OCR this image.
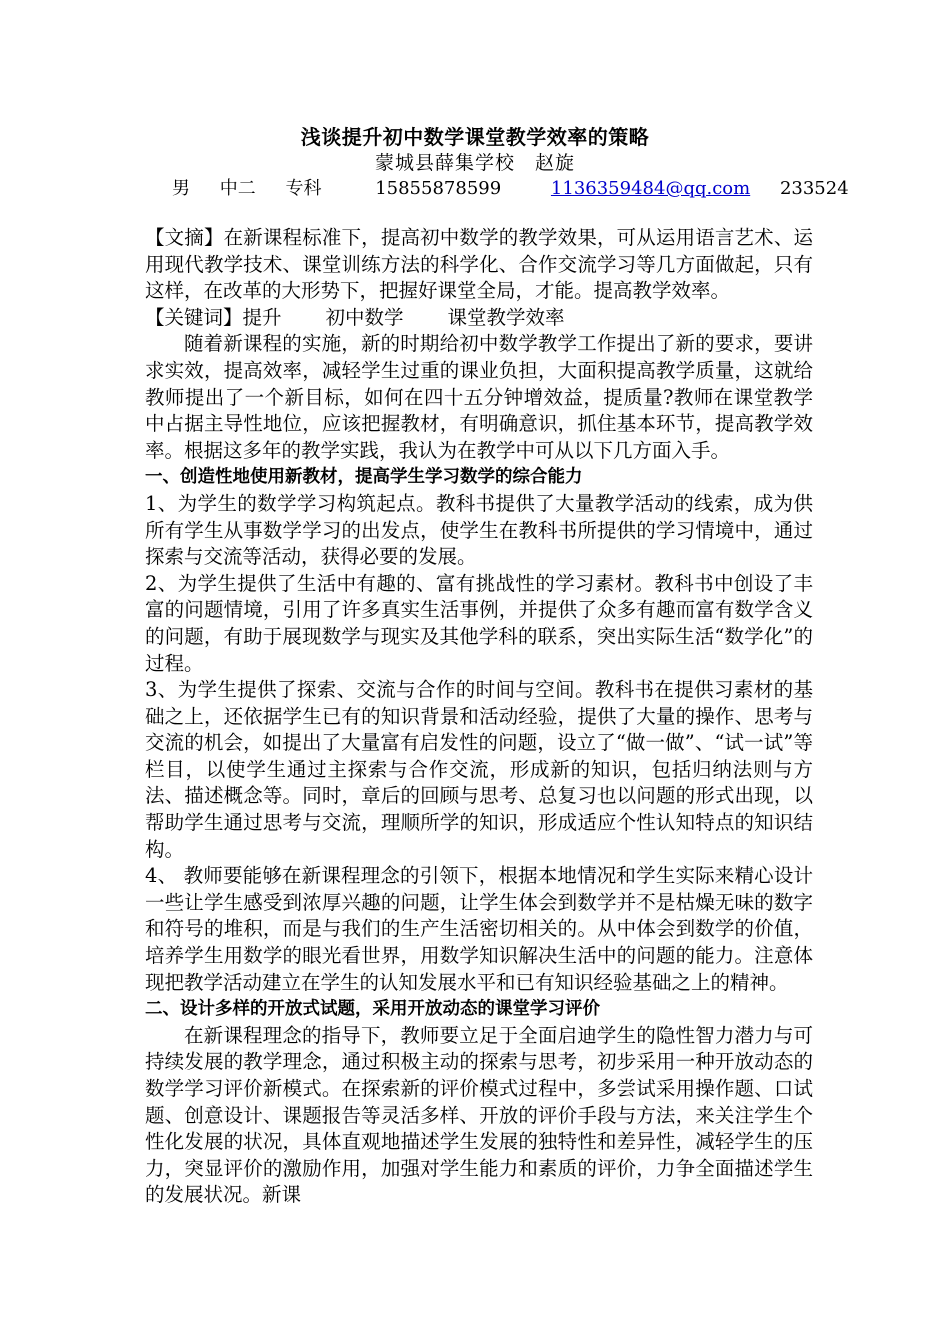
浅谈提升初中数学课堂教学效率的策略
蒙城县薛集学校　赵旋
男 中二 专科	15855878599	1136359484@qq.com 233524

【文摘】在新课程标准下，提高初中数学的教学效果，可从运用语言艺术、运用现代教学技术、课堂训练方法的科学化、合作交流学习等几方面做起，只有这样，在改革的大形势下，把握好课堂全局，才能。提高教学效率。

【关键词】提升 初中数学 课堂教学效率

随着新课程的实施，新的时期给初中数学教学工作提出了新的要求，要讲求实效，提高效率，减轻学生过重的课业负担，大面积提高教学质量，这就给教师提出了一个新目标，如何在四十五分钟增效益，提质量?教师在课堂教学中占据主导性地位，应该把握教材，有明确意识，抓住基本环节，提高教学效率。根据这多年的教学实践，我认为在教学中可从以下几方面入手。

一、创造性地使用新教材，提高学生学习数学的综合能力

1、为学生的数学学习构筑起点。教科书提供了大量教学活动的线索，成为供所有学生从事数学学习的出发点，使学生在教科书所提供的学习情境中，通过探索与交流等活动，获得必要的发展。

2、为学生提供了生活中有趣的、富有挑战性的学习素材。教科书中创设了丰富的问题情境，引用了许多真实生活事例，并提供了众多有趣而富有数学含义的问题，有助于展现数学与现实及其他学科的联系，突出实际生活“数学化”的过程。

3、为学生提供了探索、交流与合作的时间与空间。教科书在提供习素材的基础之上，还依据学生已有的知识背景和活动经验，提供了大量的操作、思考与交流的机会，如提出了大量富有启发性的问题，设立了“做一做”、“试一试”等栏目，以使学生通过主探索与合作交流，形成新的知识，包括归纳法则与方法、描述概念等。同时，章后的回顾与思考、总复习也以问题的形式出现，以帮助学生通过思考与交流，理顺所学的知识，形成适应个性认知特点的知识结构。

4、 教师要能够在新课程理念的引领下，根据本地情况和学生实际来精心设计一些让学生感受到浓厚兴趣的问题，让学生体会到数学并不是枯燥无味的数字和符号的堆积，而是与我们的生产生活密切相关的。从中体会到数学的价值，培养学生用数学的眼光看世界，用数学知识解决生活中的问题的能力。注意体现把教学活动建立在学生的认知发展水平和已有知识经验基础之上的精神。

二、设计多样的开放式试题，采用开放动态的课堂学习评价

在新课程理念的指导下，教师要立足于全面启迪学生的隐性智力潜力与可持续发展的教学理念，通过积极主动的探索与思考，初步采用一种开放动态的数学学习评价新模式。在探索新的评价模式过程中，多尝试采用操作题、口试题、创意设计、课题报告等灵活多样、开放的评价手段与方法，来关注学生个性化发展的状况，具体直观地描述学生发展的独特性和差异性，减轻学生的压力，突显评价的激励作用，加强对学生能力和素质的评价，力争全面描述学生的发展状况。新课
